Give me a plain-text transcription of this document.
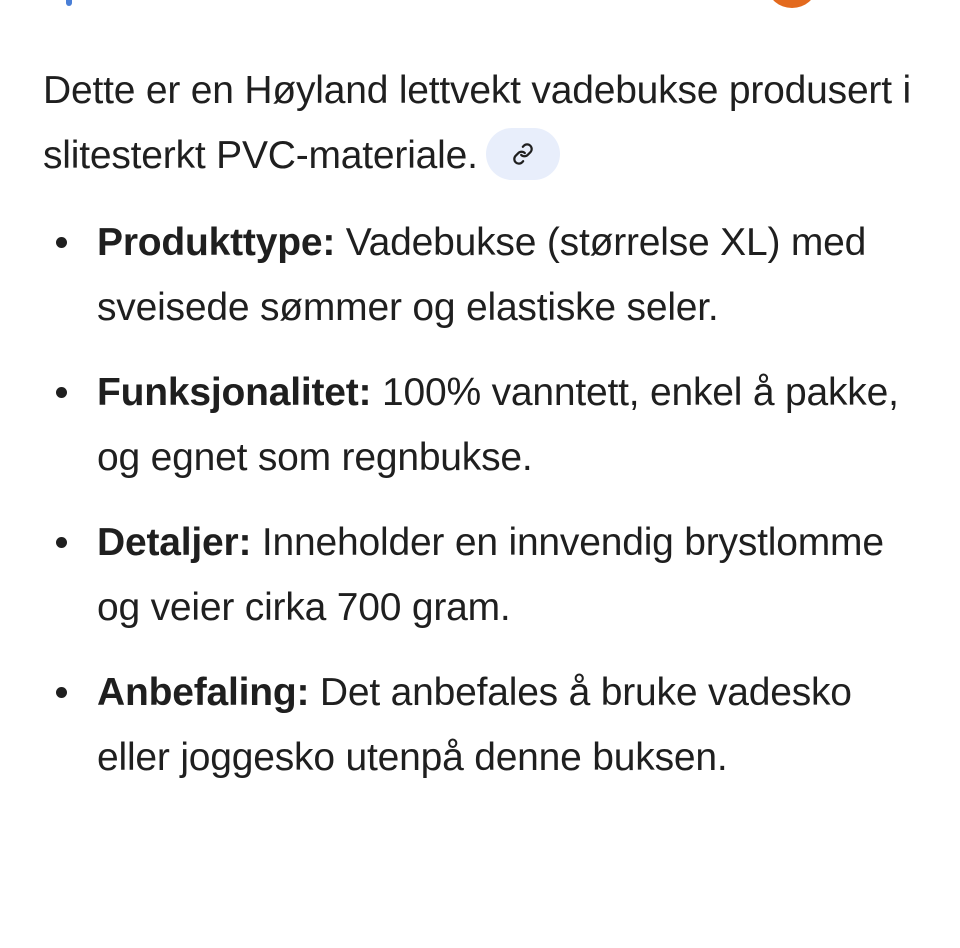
Dette er en Høyland lettvekt vadebukse produsert i slitesterkt PVC-materiale.

Produkttype: Vadebukse (størrelse XL) med sveisede sømmer og elastiske seler.
Funksjonalitet: 100% vanntett, enkel å pakke, og egnet som regnbukse.
Detaljer: Inneholder en innvendig brystlomme og veier cirka 700 gram.
Anbefaling: Det anbefales å bruke vadesko eller joggesko utenpå denne buksen.
